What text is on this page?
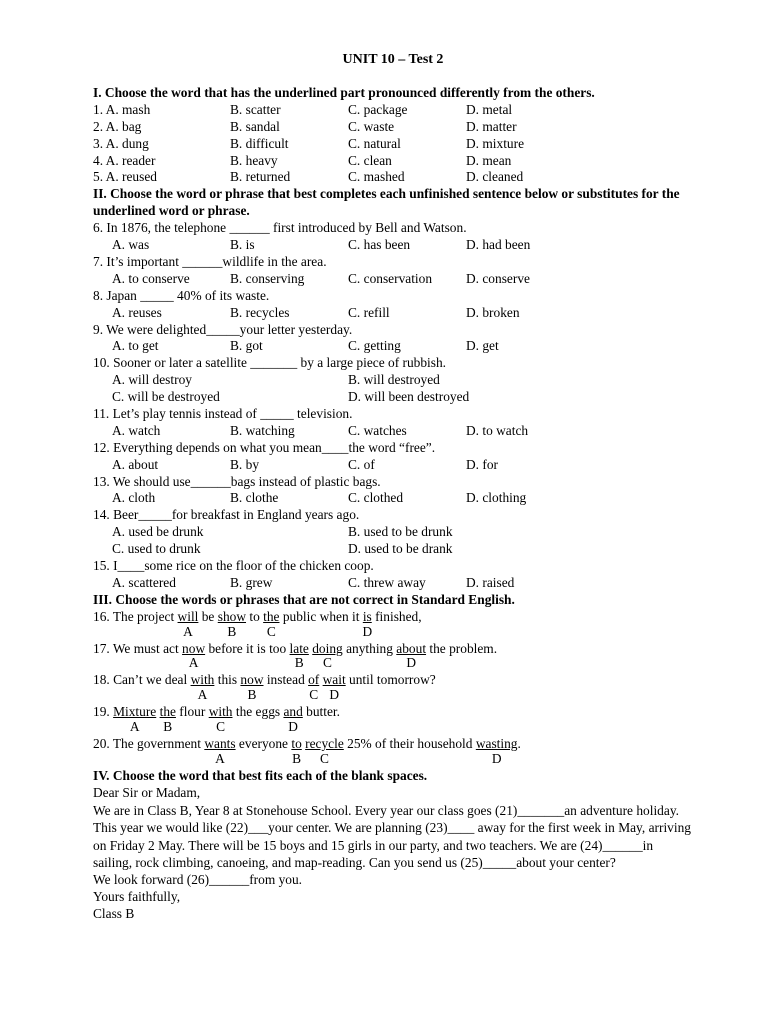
UNIT 10 – Test 2
I. Choose the word that has the underlined part pronounced differently from the others.
1. A. mash	B. scatter	C. package	D. metal
2. A. bag	B. sandal	C. waste	D. matter
3. A. dung	B. difficult	C. natural	D. mixture
4. A. reader	B. heavy	C. clean	D. mean
5. A. reused	B. returned	C. mashed	D. cleaned
II. Choose the word or phrase that best completes each unfinished sentence below or substitutes for the underlined word or phrase.
6. In 1876, the telephone ______ first introduced by Bell and Watson.
A. was	B. is	C. has been	D. had been
7. It’s important ______wildlife in the area.
A. to conserve	B. conserving	C. conservation	D. conserve
8. Japan _____ 40% of its waste.
A. reuses	B. recycles	C. refill	D. broken
9. We were delighted_____your letter yesterday.
A. to get	B. got	C. getting	D. get
10. Sooner or later a satellite _______ by a large piece of rubbish.
A. will destroy	B. will destroyed
C. will be destroyed	D. will been destroyed
11. Let’s play tennis instead of _____ television.
A. watch	B. watching	C. watches	D. to watch
12. Everything depends on what you mean____the word “free”.
A. about	B. by	C. of	D. for
13. We should use______bags instead of plastic bags.
A. cloth	B. clothe	C. clothed	D. clothing
14. Beer_____for breakfast in England years ago.
A. used be drunk	B. used to be drunk
C. used to drunk	D. used to be drank
15. I____some rice on the floor of the chicken coop.
A. scattered	B. grew	C. threw away	D. raised
III. Choose the words or phrases that are not correct in Standard English.
16. The project will be show to the public when it is finished,
A	B C	D
17. We must act now before it is too late doing anything about the problem.
A	B C	D
18. Can’t we deal with this now instead of wait until tomorrow?
A	B	C D
19. Mixture the flour with the eggs and butter.
A B	C	D
20. The government wants everyone to recycle 25% of their household wasting.
A	B C	D
IV. Choose the word that best fits each of the blank spaces.
Dear Sir or Madam,
We are in Class B, Year 8 at Stonehouse School. Every year our class goes (21)_______an adventure holiday. This year we would like (22)___your center. We are planning (23)____ away for the first week in May, arriving on Friday 2 May. There will be 15 boys and 15 girls in our party, and two teachers. We are (24)______in sailing, rock climbing, canoeing, and map-reading. Can you send us (25)_____about your center?
We look forward (26)______from you.
Yours faithfully,
Class B
